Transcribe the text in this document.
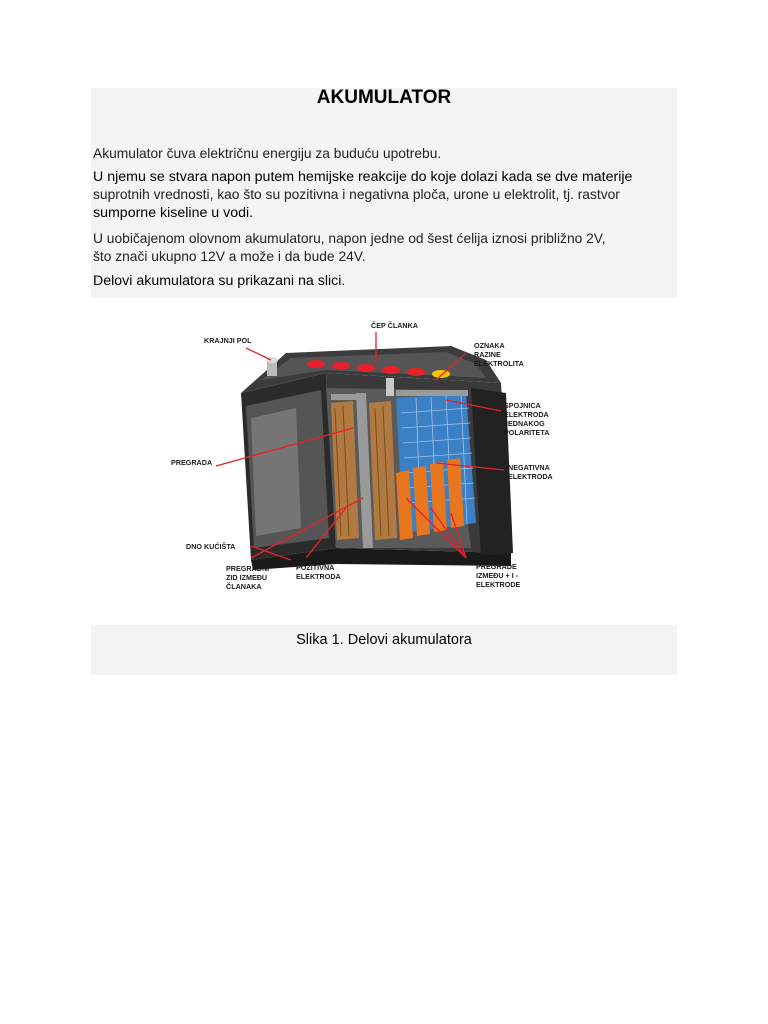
AKUMULATOR

Akumulator čuva električnu energiju za buduću upotrebu.

U njemu se stvara napon putem hemijske reakcije do koje dolazi kada se dve materije
suprotnih vrednosti, kao što su pozitivna i negativna ploča, urone u elektrolit, tj. rastvor
sumporne kiseline u vodi.

U uobičajenom olovnom akumulatoru, napon jedne od šest ćelija iznosi približno 2V,
što znači ukupno 12V a može i da bude 24V.

Delovi akumulatora su prikazani na slici.

KRAJNJI POL
ČEP ČLANKA
OZNAKA
RAZINE
ELEKTROLITA
SPOJNICA
ELEKTRODA
JEDNAKOG
POLARITETA
PREGRADA
NEGATIVNA
ELEKTRODA
DNO KUĆIŠTA
PREGRADNI
ZID IZMEĐU
ČLANAKA
POZITIVNA
ELEKTRODA
PREGRADE
IZMEĐU + I -
ELEKTRODE
Slika 1. Delovi akumulatora
